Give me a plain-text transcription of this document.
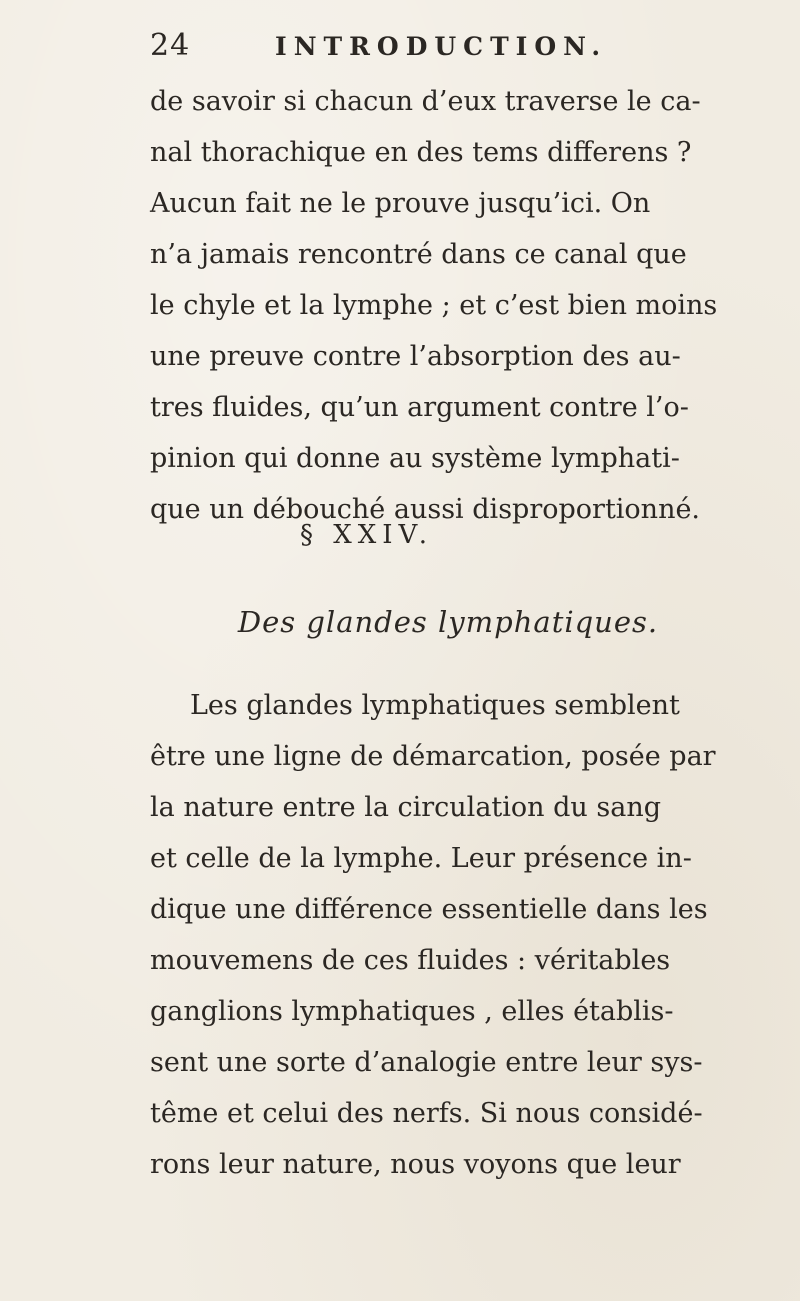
24	INTRODUCTION.
de savoir si chacun d’eux traverse le ca-
nal thorachique en des tems differens ?
Aucun fait ne le prouve jusqu’ici. On
n’a jamais rencontré dans ce canal que
le chyle et la lymphe ; et c’est bien moins
une preuve contre l’absorption des au-
tres fluides, qu’un argument contre l’o-
pinion qui donne au système lymphati-
que un débouché aussi disproportionné.
§ XXIV.
Des glandes lymphatiques.
Les glandes lymphatiques semblent
être une ligne de démarcation, posée par
la nature entre la circulation du sang
et celle de la lymphe. Leur présence in-
dique une différence essentielle dans les
mouvemens de ces fluides : véritables
ganglions lymphatiques , elles établis-
sent une sorte d’analogie entre leur sys-
tême et celui des nerfs. Si nous considé-
rons leur nature, nous voyons que leur
